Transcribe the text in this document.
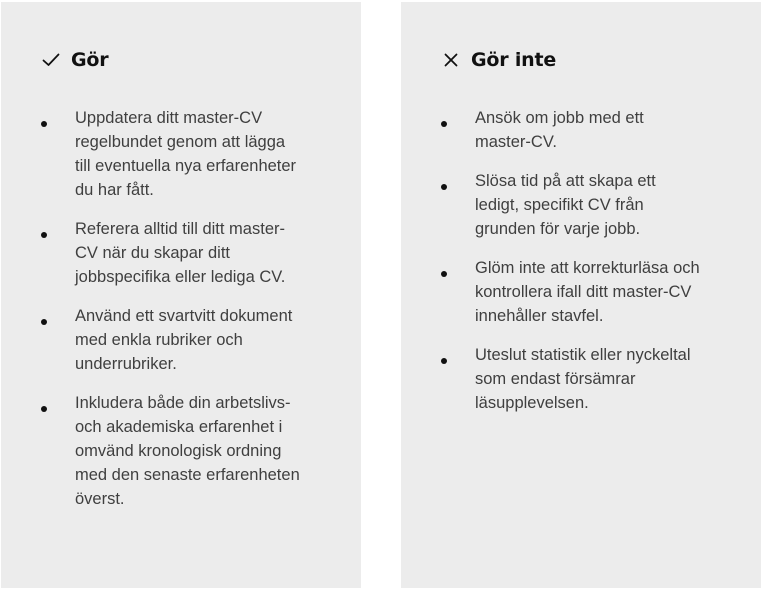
Gör
Uppdatera ditt master-CV
regelbundet genom att lägga
till eventuella nya erfarenheter
du har fått.
Referera alltid till ditt master-
CV när du skapar ditt
jobbspecifika eller lediga CV.
Använd ett svartvitt dokument
med enkla rubriker och
underrubriker.
Inkludera både din arbetslivs-
och akademiska erfarenhet i
omvänd kronologisk ordning
med den senaste erfarenheten
överst.
Gör inte
Ansök om jobb med ett
master-CV.
Slösa tid på att skapa ett
ledigt, specifikt CV från
grunden för varje jobb.
Glöm inte att korrekturläsa och
kontrollera ifall ditt master-CV
innehåller stavfel.
Uteslut statistik eller nyckeltal
som endast försämrar
läsupplevelsen.
